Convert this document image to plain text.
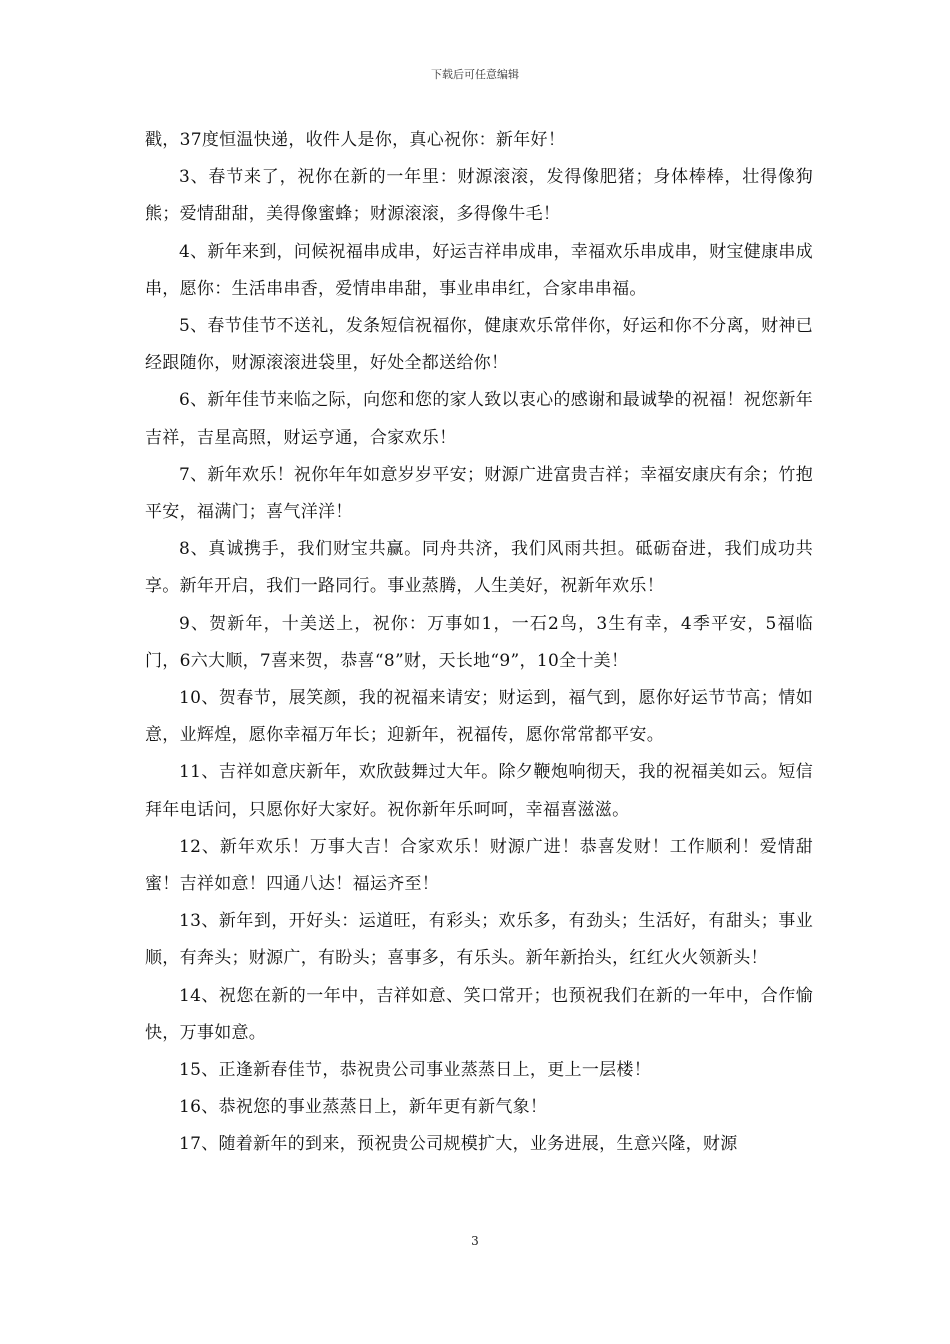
下载后可任意编辑

戳，37度恒温快递，收件人是你，真心祝你：新年好！

3、春节来了，祝你在新的一年里：财源滚滚，发得像肥猪；身体棒棒，壮得像狗熊；爱情甜甜，美得像蜜蜂；财源滚滚，多得像牛毛！

4、新年来到，问候祝福串成串，好运吉祥串成串，幸福欢乐串成串，财宝健康串成串，愿你：生活串串香，爱情串串甜，事业串串红，合家串串福。

5、春节佳节不送礼，发条短信祝福你，健康欢乐常伴你，好运和你不分离，财神已经跟随你，财源滚滚进袋里，好处全都送给你！

6、新年佳节来临之际，向您和您的家人致以衷心的感谢和最诚挚的祝福！祝您新年吉祥，吉星高照，财运亨通，合家欢乐！

7、新年欢乐！祝你年年如意岁岁平安；财源广进富贵吉祥；幸福安康庆有余；竹抱平安，福满门；喜气洋洋！

8、真诚携手，我们财宝共赢。同舟共济，我们风雨共担。砥砺奋进，我们成功共享。新年开启，我们一路同行。事业蒸腾，人生美好，祝新年欢乐！

9、贺新年，十美送上，祝你：万事如1，一石2鸟，3生有幸，4季平安，5福临门，6六大顺，7喜来贺，恭喜“8”财，天长地“9”，10全十美！

10、贺春节，展笑颜，我的祝福来请安；财运到，福气到，愿你好运节节高；情如意，业辉煌，愿你幸福万年长；迎新年，祝福传，愿你常常都平安。

11、吉祥如意庆新年，欢欣鼓舞过大年。除夕鞭炮响彻天，我的祝福美如云。短信拜年电话问，只愿你好大家好。祝你新年乐呵呵，幸福喜滋滋。

12、新年欢乐！万事大吉！合家欢乐！财源广进！恭喜发财！工作顺利！爱情甜蜜！吉祥如意！四通八达！福运齐至！

13、新年到，开好头：运道旺，有彩头；欢乐多，有劲头；生活好，有甜头；事业顺，有奔头；财源广，有盼头；喜事多，有乐头。新年新抬头，红红火火领新头！

14、祝您在新的一年中，吉祥如意、笑口常开；也预祝我们在新的一年中，合作愉快，万事如意。

15、正逢新春佳节，恭祝贵公司事业蒸蒸日上，更上一层楼！

16、恭祝您的事业蒸蒸日上，新年更有新气象！

17、随着新年的到来，预祝贵公司规模扩大，业务进展，生意兴隆，财源

3
